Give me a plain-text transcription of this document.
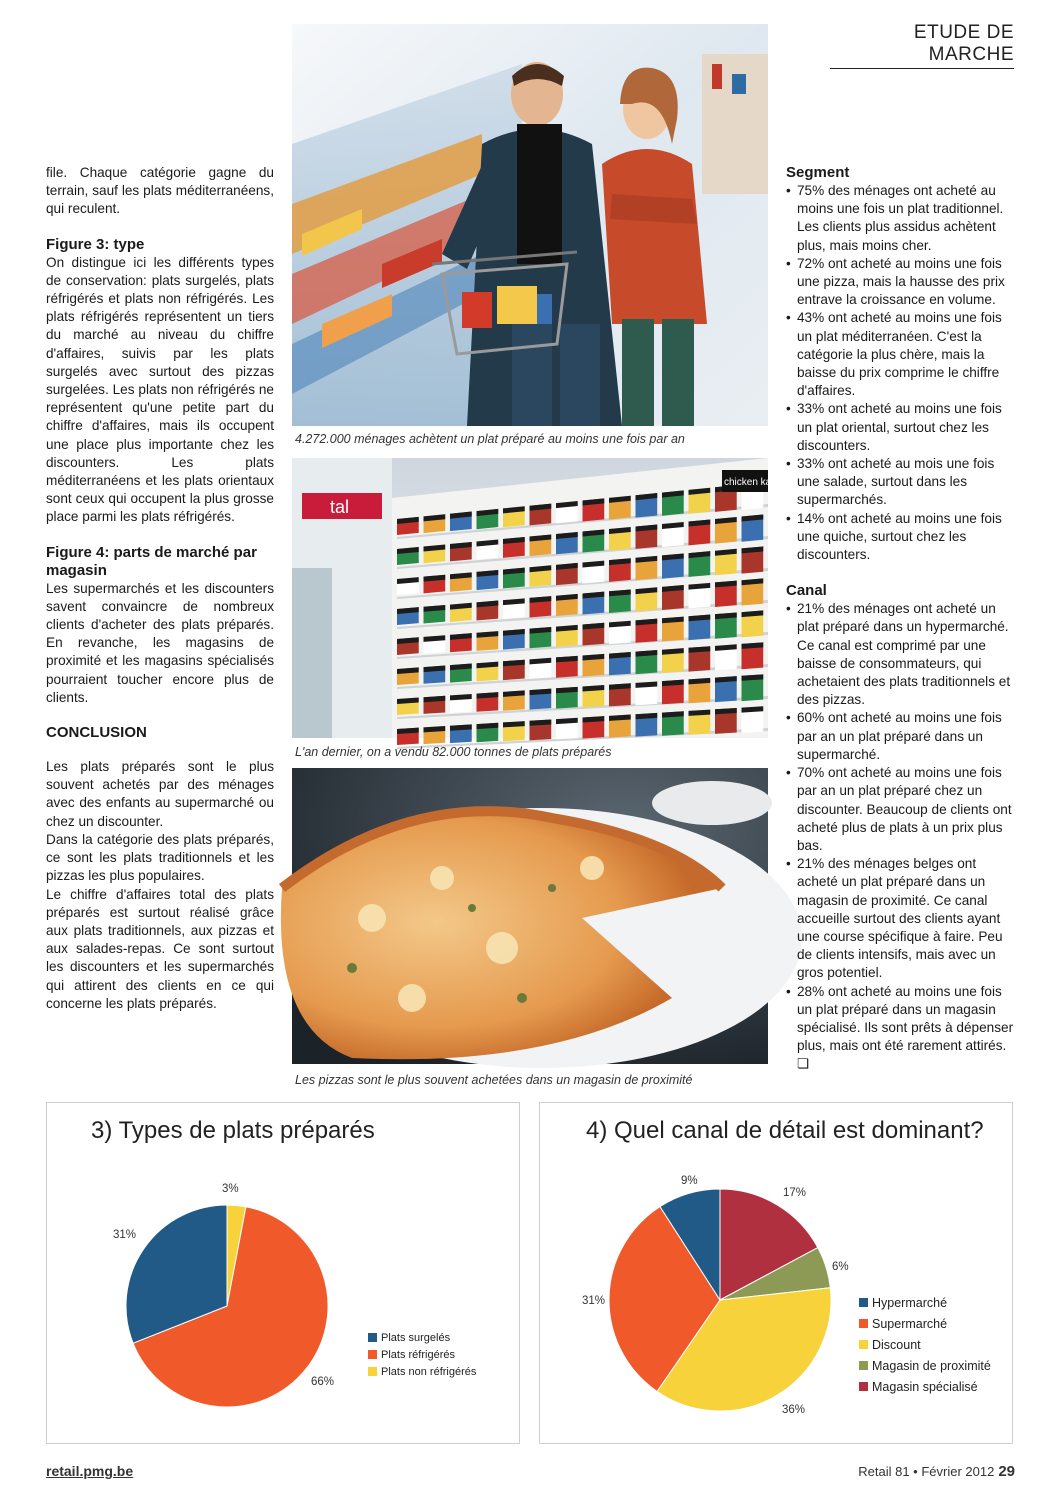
ETUDE DE MARCHE

file. Chaque catégorie gagne du terrain, sauf les plats méditerranéens, qui reculent.

Figure 3: type

On distingue ici les différents types de conservation: plats surgelés, plats réfrigérés et plats non réfrigérés. Les plats réfrigérés représentent un tiers du marché au niveau du chiffre d'affaires, suivis par les plats surgelés avec surtout des pizzas surgelées. Les plats non réfrigérés ne représentent qu'une petite part du chiffre d'affaires, mais ils occupent une place plus importante chez les discounters. Les plats méditerranéens et les plats orientaux sont ceux qui occupent la plus grosse place parmi les plats réfrigérés.

Figure 4: parts de marché par magasin

Les supermarchés et les discounters savent convaincre de nombreux clients d'acheter des plats préparés. En revanche, les magasins de proximité et les magasins spécialisés pourraient toucher encore plus de clients.

CONCLUSION

Les plats préparés sont le plus souvent achetés par des ménages avec des enfants au supermarché ou chez un discounter.

Dans la catégorie des plats préparés, ce sont les plats traditionnels et les pizzas les plus populaires.

Le chiffre d'affaires total des plats préparés est surtout réalisé grâce aux plats traditionnels, aux pizzas et aux salades-repas. Ce sont surtout les discounters et les supermarchés qui attirent des clients en ce qui concerne les plats préparés.

4.272.000 ménages achètent un plat préparé au moins une fois par an
tal
chicken kar
L'an dernier, on a vendu 82.000 tonnes de plats préparés
Les pizzas sont le plus souvent achetées dans un magasin de proximité
Segment
• 75% des ménages ont acheté au moins une fois un plat traditionnel. Les clients plus assidus achètent plus, mais moins cher.
• 72% ont acheté au moins une fois une pizza, mais la hausse des prix entrave la croissance en volume.
• 43% ont acheté au moins une fois un plat méditerranéen. C'est la catégorie la plus chère, mais la baisse du prix comprime le chiffre d'affaires.
• 33% ont acheté au moins une fois un plat oriental, surtout chez les discounters.
• 33% ont acheté au mois une fois une salade, surtout dans les supermarchés.
• 14% ont acheté au moins une fois une quiche, surtout chez les discounters.
Canal
• 21% des ménages ont acheté un plat préparé dans un hypermarché. Ce canal est comprimé par une baisse de consommateurs, qui achetaient des plats traditionnels et des pizzas.
• 60% ont acheté au moins une fois par an un plat préparé dans un supermarché.
• 70% ont acheté au moins une fois par an un plat préparé chez un discounter. Beaucoup de clients ont acheté plus de plats à un prix plus bas.
• 21% des ménages belges ont acheté un plat préparé dans un magasin de proximité. Ce canal accueille surtout des clients ayant une course spécifique à faire. Peu de clients intensifs, mais avec un gros potentiel.
• 28% ont acheté au moins une fois un plat préparé dans un magasin spécialisé. Ils sont prêts à dépenser plus, mais ont été rarement attirés. ❏
3) Types de plats préparés
3%
31%
66%
Plats surgelés
Plats réfrigérés
Plats non réfrigérés
4) Quel canal de détail est dominant?
9%
17%
6%
31%
36%
Hypermarché
Supermarché
Discount
Magasin de proximité
Magasin spécialisé
retail.pmg.be	Retail 81 • Février 2012 29
